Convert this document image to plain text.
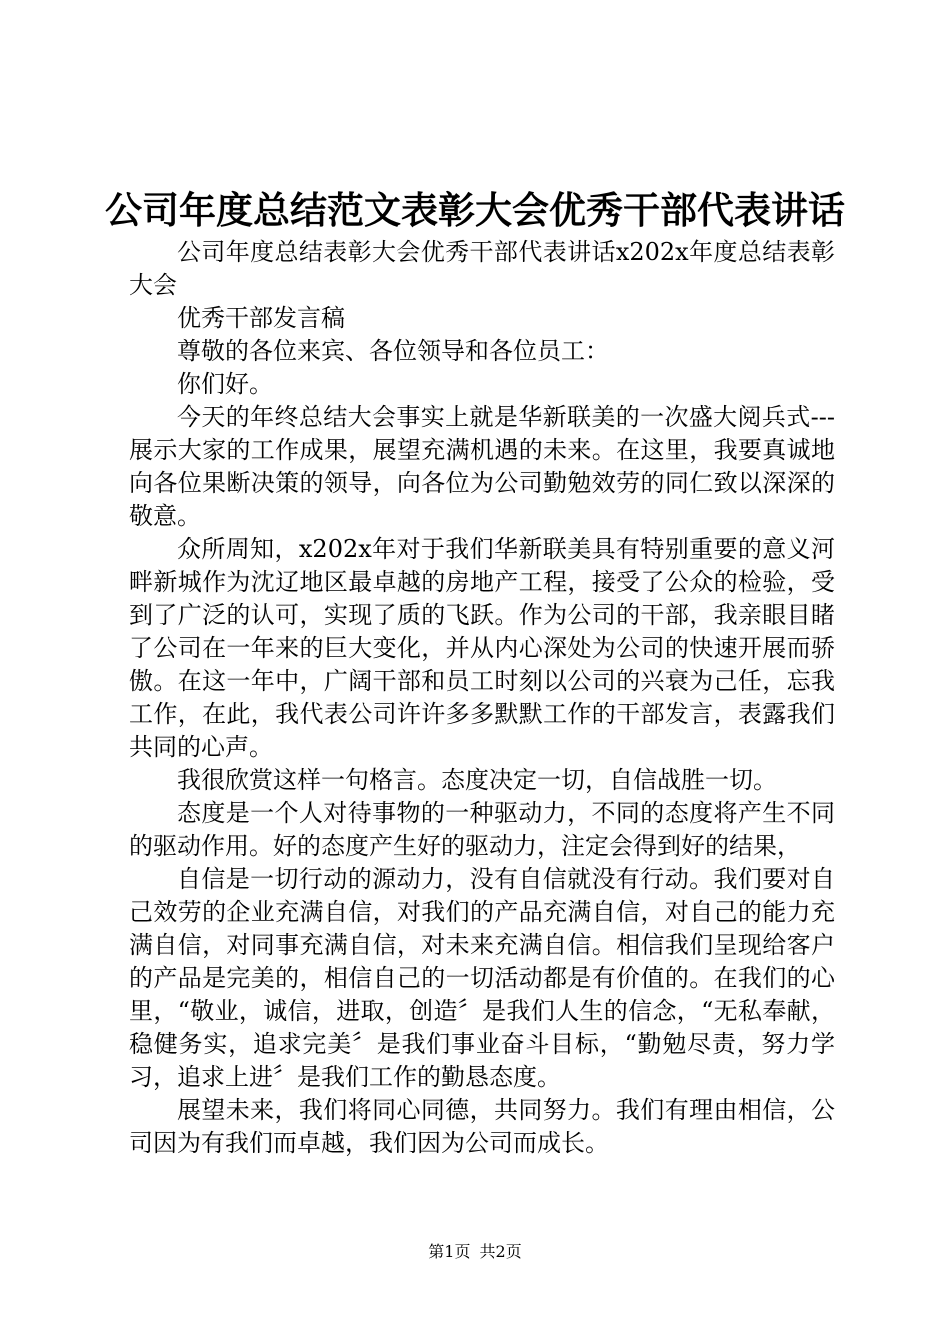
公司年度总结范文表彰大会优秀干部代表讲话

公司年度总结表彰大会优秀干部代表讲话x202x年度总结表彰大会

优秀干部发言稿

尊敬的各位来宾、各位领导和各位员工：

你们好。

今天的年终总结大会事实上就是华新联美的一次盛大阅兵式---展示大家的工作成果，展望充满机遇的未来。在这里，我要真诚地向各位果断决策的领导，向各位为公司勤勉效劳的同仁致以深深的敬意。

众所周知，x202x年对于我们华新联美具有特别重要的意义河畔新城作为沈辽地区最卓越的房地产工程，接受了公众的检验，受到了广泛的认可，实现了质的飞跃。作为公司的干部，我亲眼目睹了公司在一年来的巨大变化，并从内心深处为公司的快速开展而骄傲。在这一年中，广阔干部和员工时刻以公司的兴衰为己任，忘我工作，在此，我代表公司许许多多默默工作的干部发言，表露我们共同的心声。

我很欣赏这样一句格言。态度决定一切，自信战胜一切。

态度是一个人对待事物的一种驱动力，不同的态度将产生不同的驱动作用。好的态度产生好的驱动力，注定会得到好的结果，

自信是一切行动的源动力，没有自信就没有行动。我们要对自己效劳的企业充满自信，对我们的产品充满自信，对自己的能力充满自信，对同事充满自信，对未来充满自信。相信我们呈现给客户的产品是完美的，相信自己的一切活动都是有价值的。在我们的心里，“敬业，诚信，进取，创造〞是我们人生的信念，“无私奉献，稳健务实，追求完美〞是我们事业奋斗目标，“勤勉尽责，努力学习，追求上进〞是我们工作的勤恳态度。

展望未来，我们将同心同德，共同努力。我们有理由相信，公司因为有我们而卓越，我们因为公司而成长。

第1页 共2页
